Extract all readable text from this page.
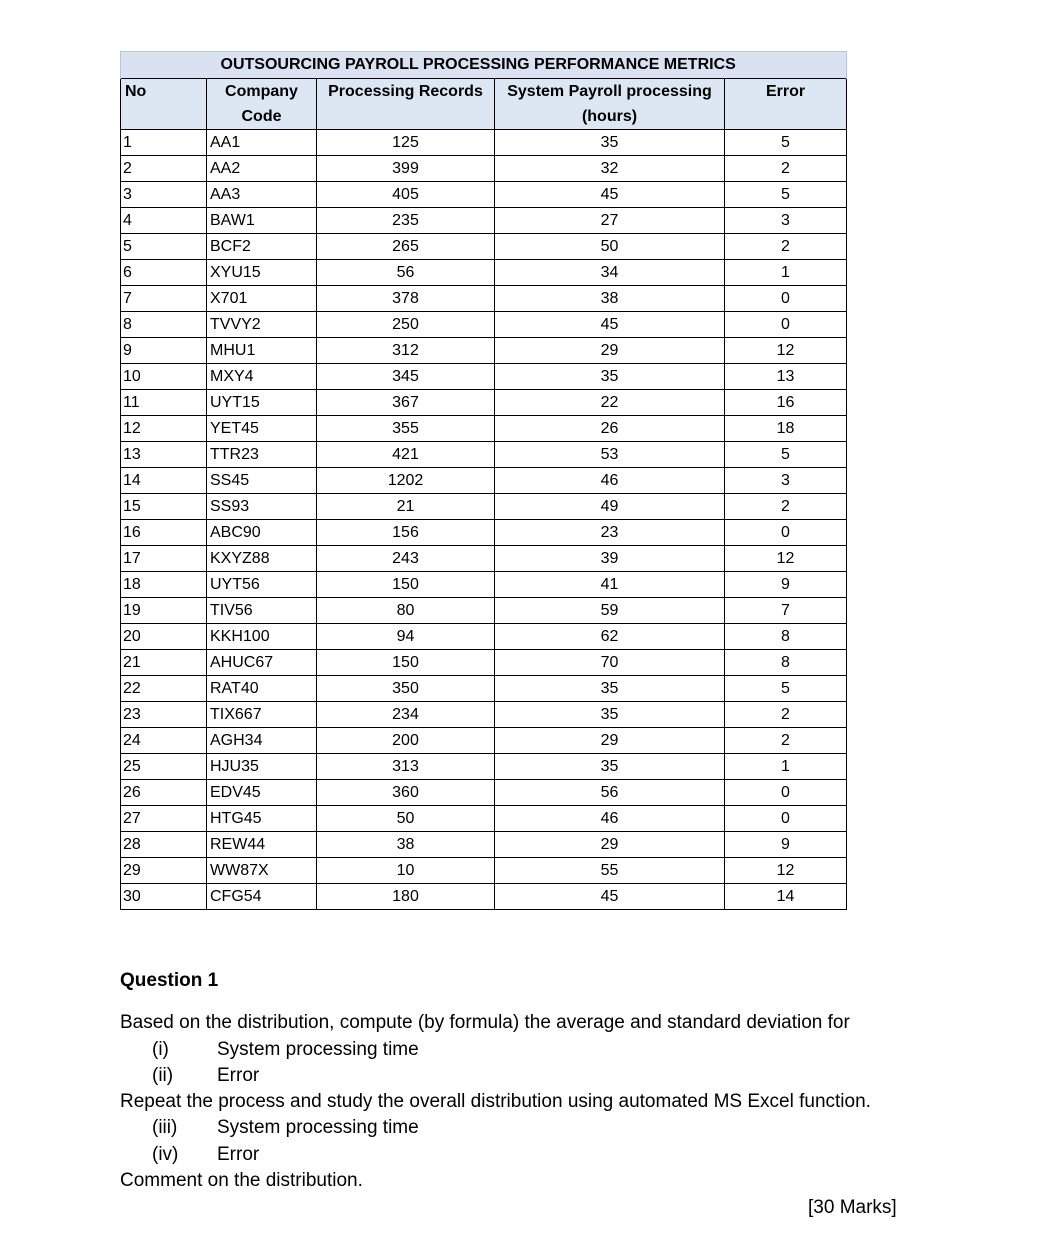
	OUTSOURCING PAYROLL PROCESSING PERFORMANCE METRICS			
No	Company	Processing Records	System Payroll processing	Error
	Code		(hours)	
1	AA1	125	35	5
2	AA2	399	32	2
3	AA3	405	45	5
4	BAW1	235	27	3
5	BCF2	265	50	2
6	XYU15	56	34	1
7	X701	378	38	0
8	TVVY2	250	45	0
9	MHU1	312	29	12
10	MXY4	345	35	13
11	UYT15	367	22	16
12	YET45	355	26	18
13	TTR23	421	53	5
14	SS45	1202	46	3
15	SS93	21	49	2
16	ABC90	156	23	0
17	KXYZ88	243	39	12
18	UYT56	150	41	9
19	TIV56	80	59	7
20	KKH100	94	62	8
21	AHUC67	150	70	8
22	RAT40	350	35	5
23	TIX667	234	35	2
24	AGH34	200	29	2
25	HJU35	313	35	1
26	EDV45	360	56	0
27	HTG45	50	46	0
28	REW44	38	29	9
29	WW87X	10	55	12
30	CFG54	180	45	14

Question 1

Based on the distribution, compute (by formula) the average and standard deviation for

(i)	System processing time
(ii)	Error

Repeat the process and study the overall distribution using automated MS Excel function.

(iii)	System processing time
(iv)	Error

Comment on the distribution.

[30 Marks]
